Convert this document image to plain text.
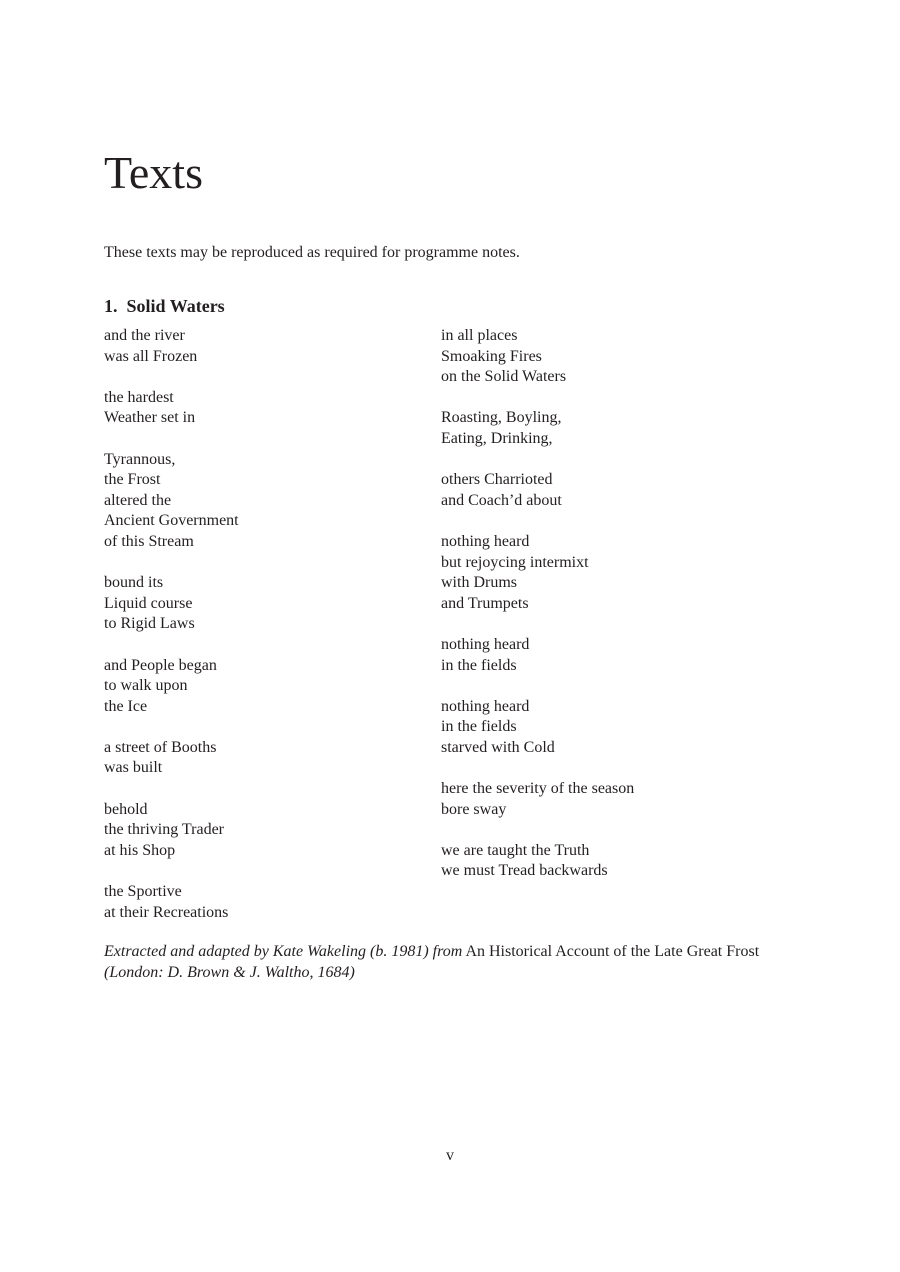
Texts

These texts may be reproduced as required for programme notes.

1. Solid Waters
and the river
was all Frozen
the hardest
Weather set in
Tyrannous,
the Frost
altered the
Ancient Government
of this Stream
bound its
Liquid course
to Rigid Laws
and People began
to walk upon
the Ice
a street of Booths
was built
behold
the thriving Trader
at his Shop
the Sportive
at their Recreations
in all places
Smoaking Fires
on the Solid Waters
Roasting, Boyling,
Eating, Drinking,
others Charrioted
and Coach’d about
nothing heard
but rejoycing intermixt
with Drums
and Trumpets
nothing heard
in the fields
nothing heard
in the fields
starved with Cold
here the severity of the season
bore sway
we are taught the Truth
we must Tread backwards

Extracted and adapted by Kate Wakeling (b. 1981) from An Historical Account of the Late Great Frost
(London: D. Brown & J. Waltho, 1684)

v
